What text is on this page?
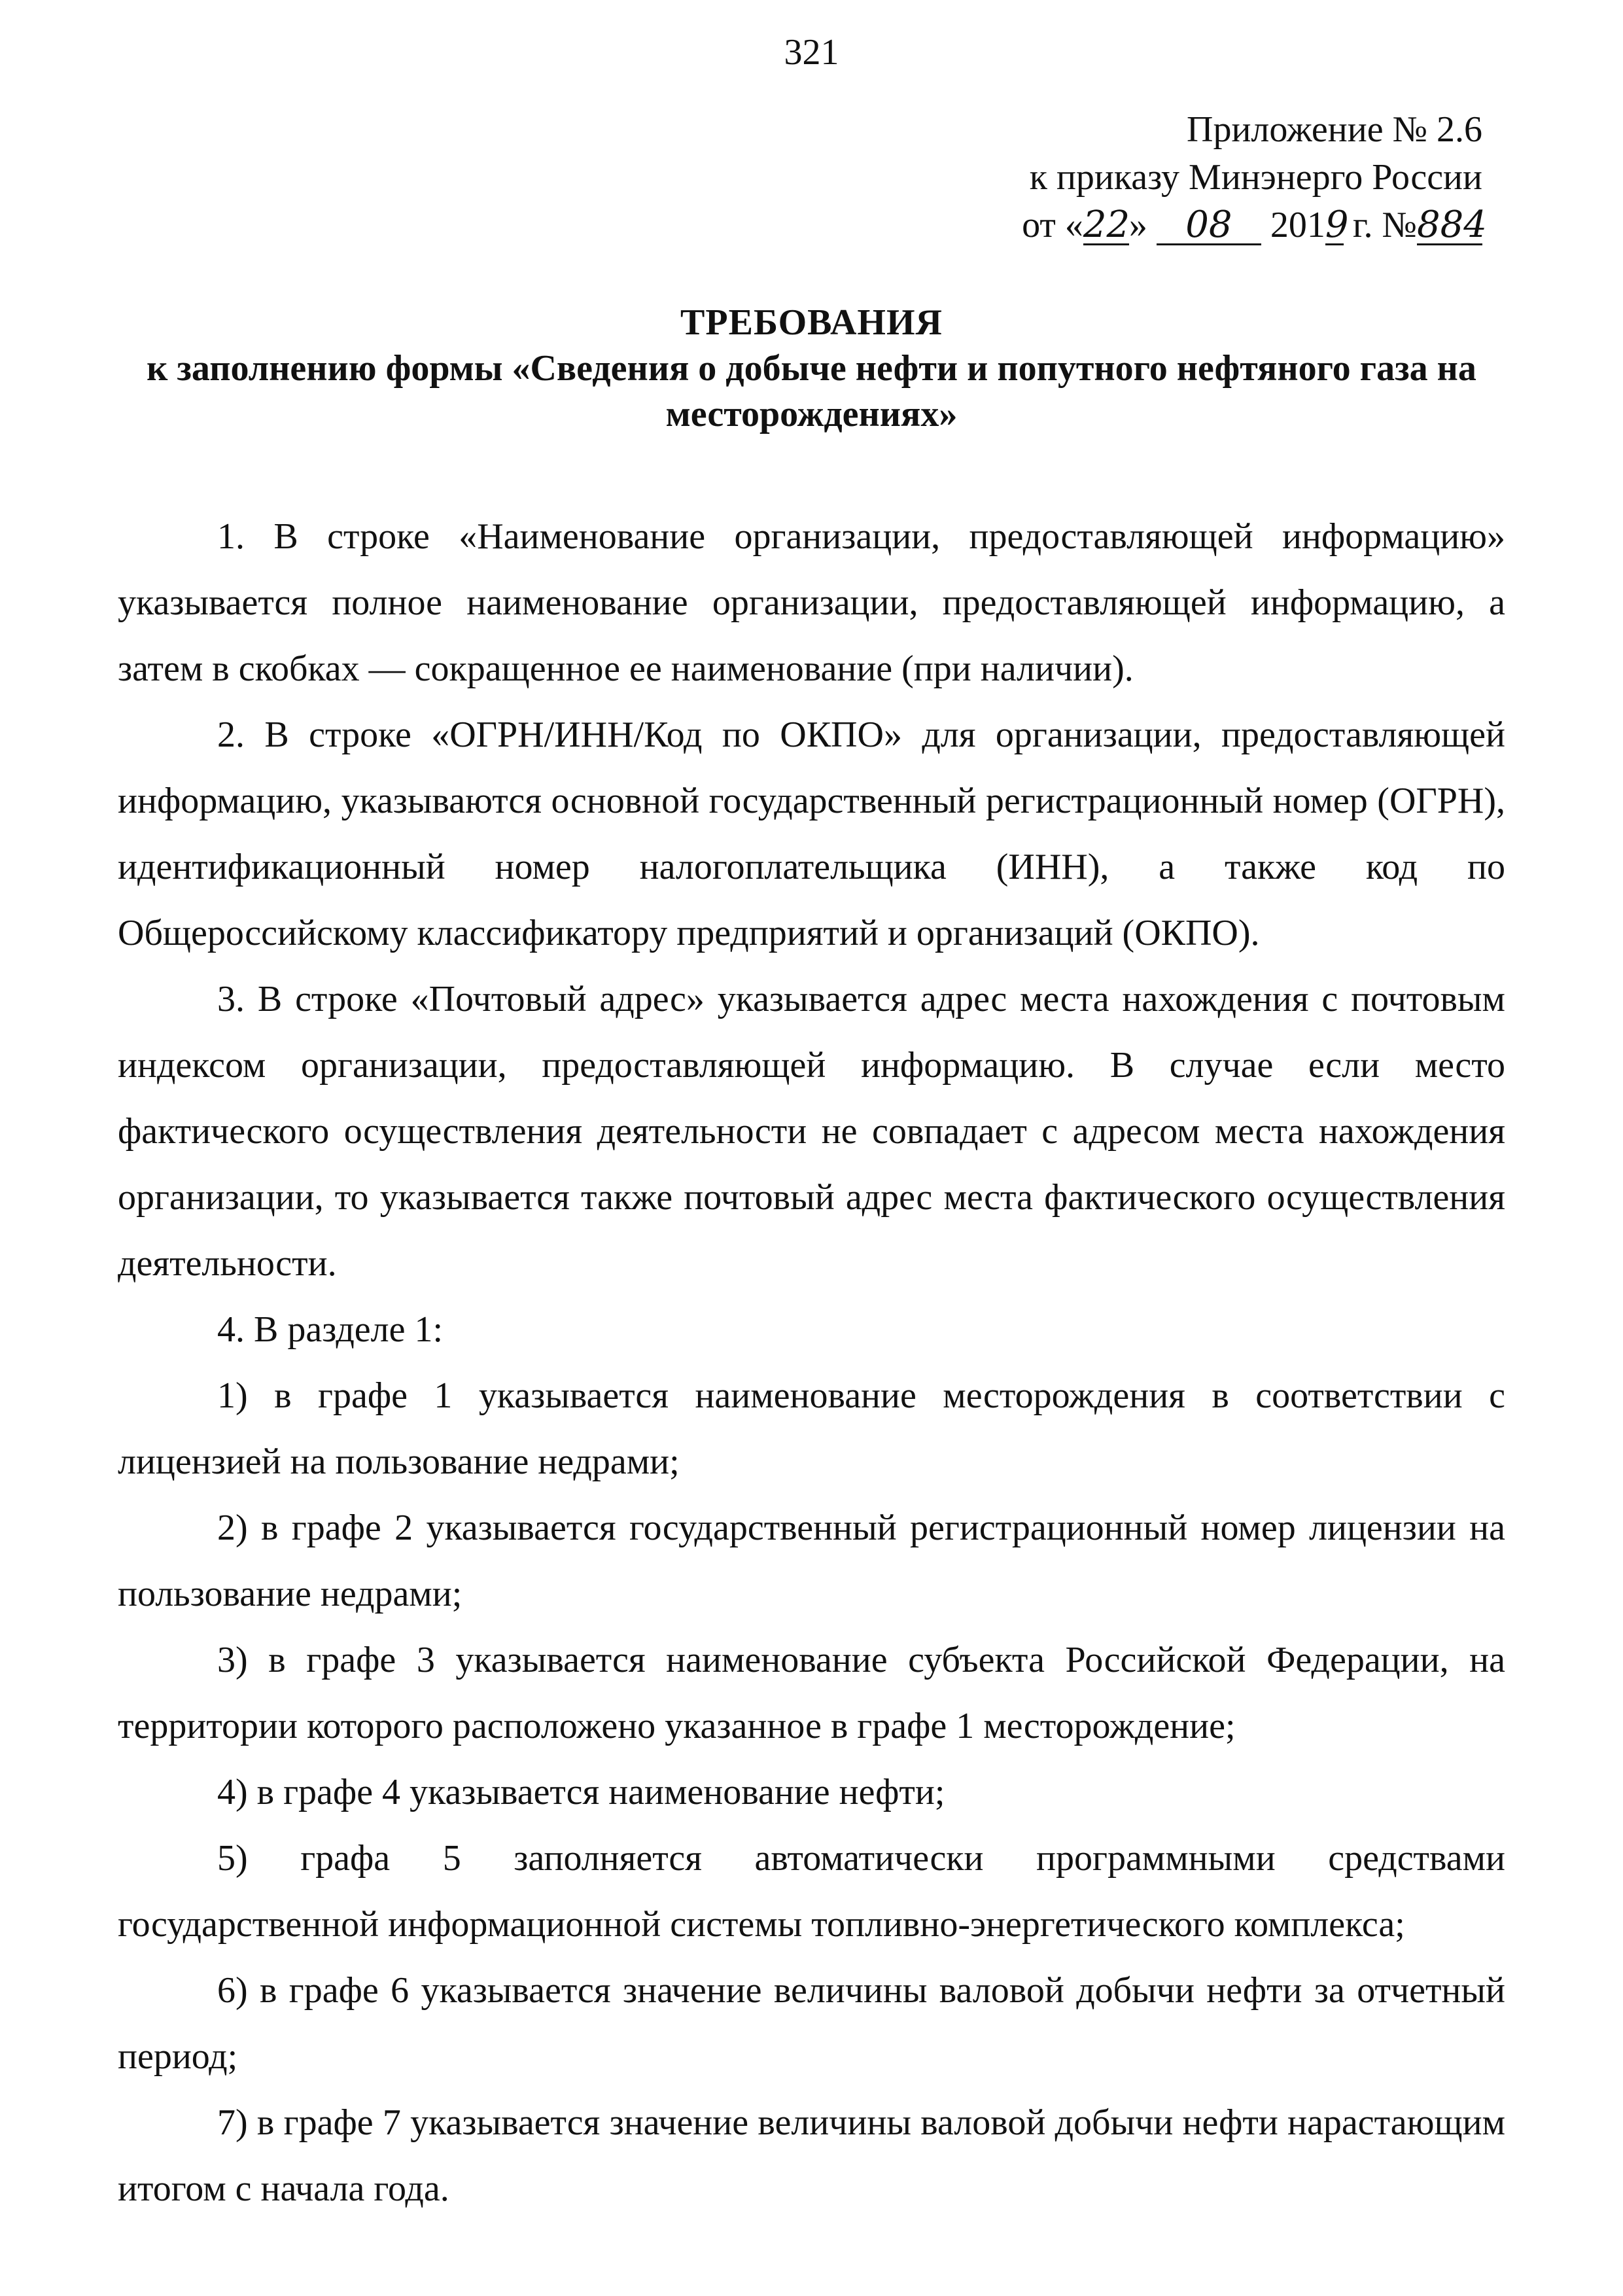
321
Приложение № 2.6
к приказу Минэнерго России
от «22» 08 2019 г. №884
ТРЕБОВАНИЯ
к заполнению формы «Сведения о добыче нефти и попутного нефтяного газа на месторождениях»

1. В строке «Наименование организации, предоставляющей информацию» указывается полное наименование организации, предоставляющей информацию, а затем в скобках — сокращенное ее наименование (при наличии).

2. В строке «ОГРН/ИНН/Код по ОКПО» для организации, предоставляющей информацию, указываются основной государственный регистрационный номер (ОГРН), идентификационный номер налогоплательщика (ИНН), а также код по Общероссийскому классификатору предприятий и организаций (ОКПО).

3. В строке «Почтовый адрес» указывается адрес места нахождения с почтовым индексом организации, предоставляющей информацию. В случае если место фактического осуществления деятельности не совпадает с адресом места нахождения организации, то указывается также почтовый адрес места фактического осуществления деятельности.

4. В разделе 1:

1) в графе 1 указывается наименование месторождения в соответствии с лицензией на пользование недрами;

2) в графе 2 указывается государственный регистрационный номер лицензии на пользование недрами;

3) в графе 3 указывается наименование субъекта Российской Федерации, на территории которого расположено указанное в графе 1 месторождение;

4) в графе 4 указывается наименование нефти;

5) графа 5 заполняется автоматически программными средствами государственной информационной системы топливно-энергетического комплекса;

6) в графе 6 указывается значение величины валовой добычи нефти за отчетный период;

7) в графе 7 указывается значение величины валовой добычи нефти нарастающим итогом с начала года.
